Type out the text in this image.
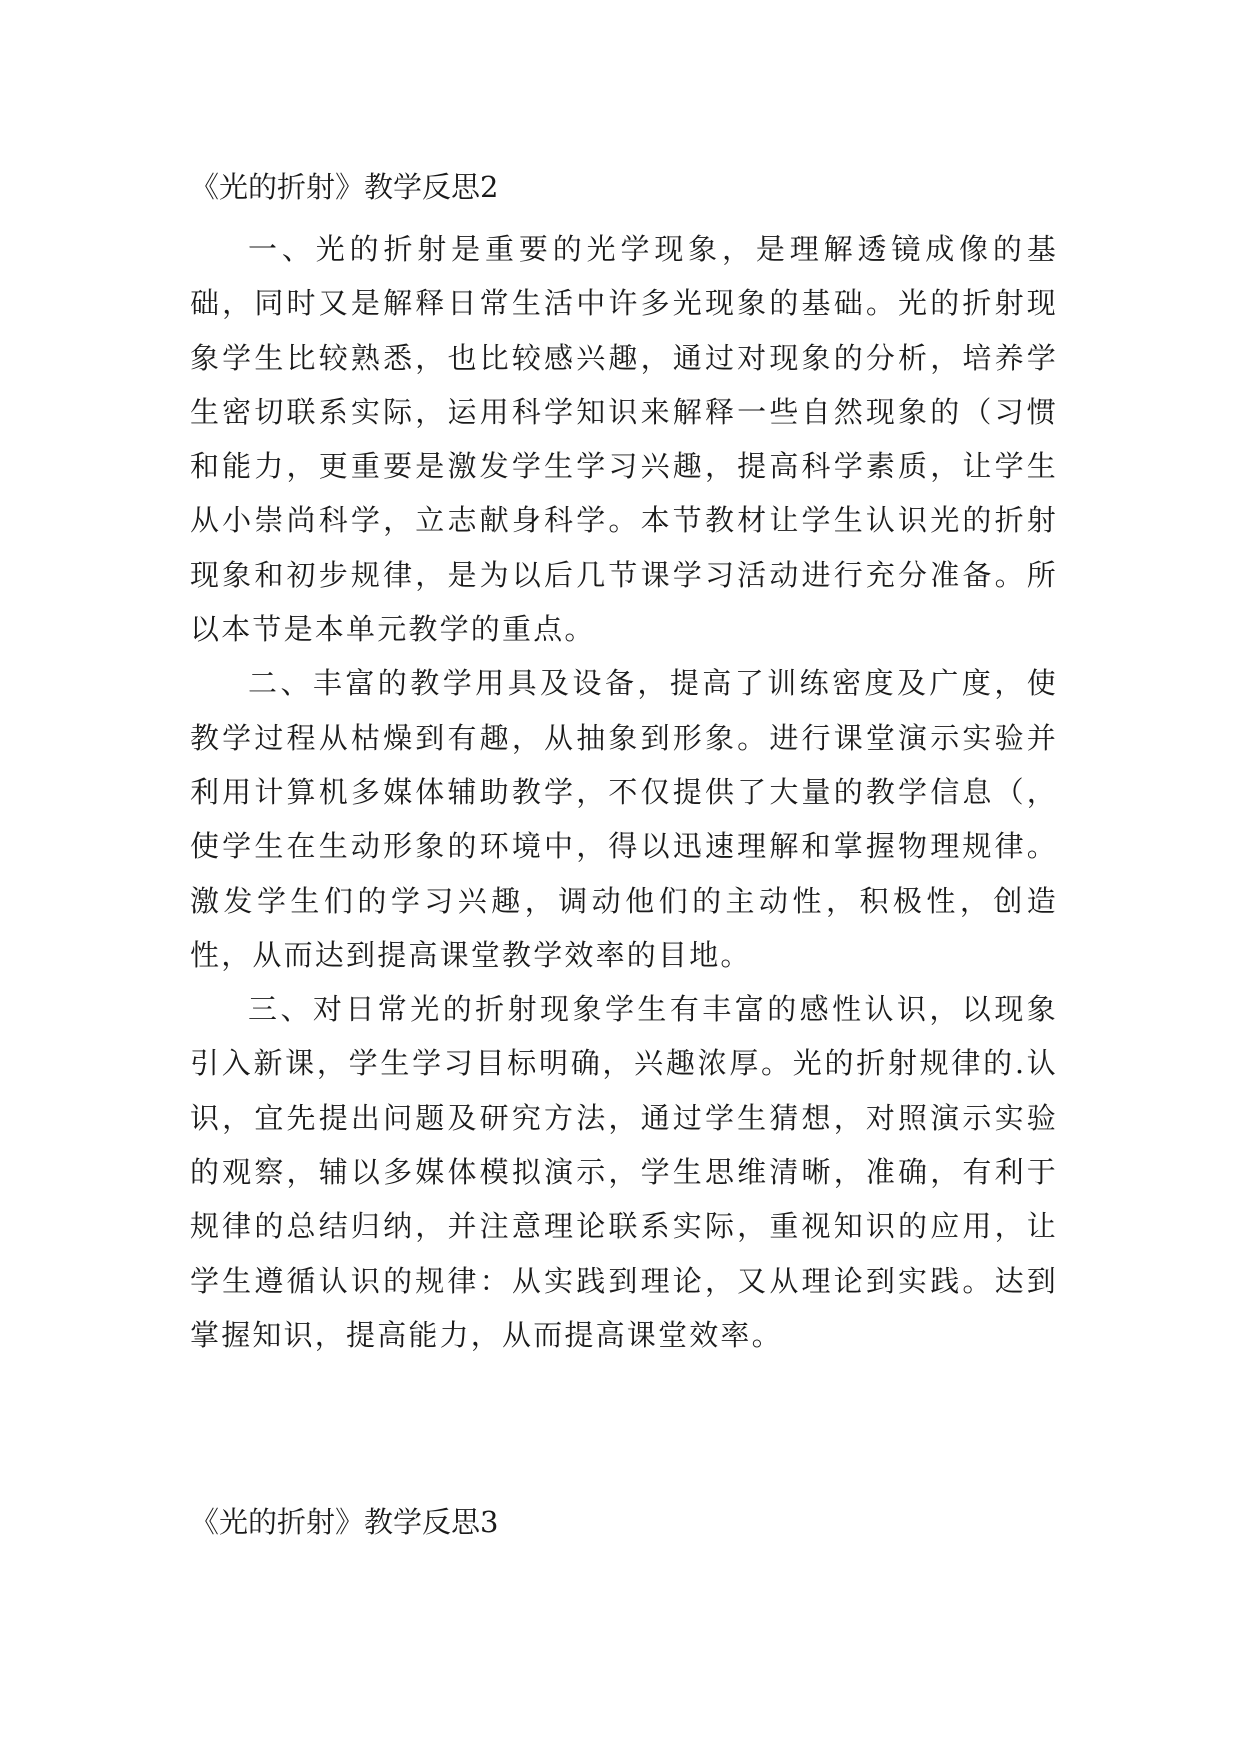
《光的折射》教学反思2

一、光的折射是重要的光学现象，是理解透镜成像的基础，同时又是解释日常生活中许多光现象的基础。光的折射现象学生比较熟悉，也比较感兴趣，通过对现象的分析，培养学生密切联系实际，运用科学知识来解释一些自然现象的（习惯和能力，更重要是激发学生学习兴趣，提高科学素质，让学生从小崇尚科学，立志献身科学。本节教材让学生认识光的折射现象和初步规律，是为以后几节课学习活动进行充分准备。所以本节是本单元教学的重点。

二、丰富的教学用具及设备，提高了训练密度及广度，使教学过程从枯燥到有趣，从抽象到形象。进行课堂演示实验并利用计算机多媒体辅助教学，不仅提供了大量的教学信息（，使学生在生动形象的环境中，得以迅速理解和掌握物理规律。激发学生们的学习兴趣，调动他们的主动性，积极性，创造性，从而达到提高课堂教学效率的目地。

三、对日常光的折射现象学生有丰富的感性认识，以现象引入新课，学生学习目标明确，兴趣浓厚。光的折射规律的.认识，宜先提出问题及研究方法，通过学生猜想，对照演示实验的观察，辅以多媒体模拟演示，学生思维清晰，准确，有利于规律的总结归纳，并注意理论联系实际，重视知识的应用，让学生遵循认识的规律：从实践到理论，又从理论到实践。达到掌握知识，提高能力，从而提高课堂效率。

《光的折射》教学反思3
